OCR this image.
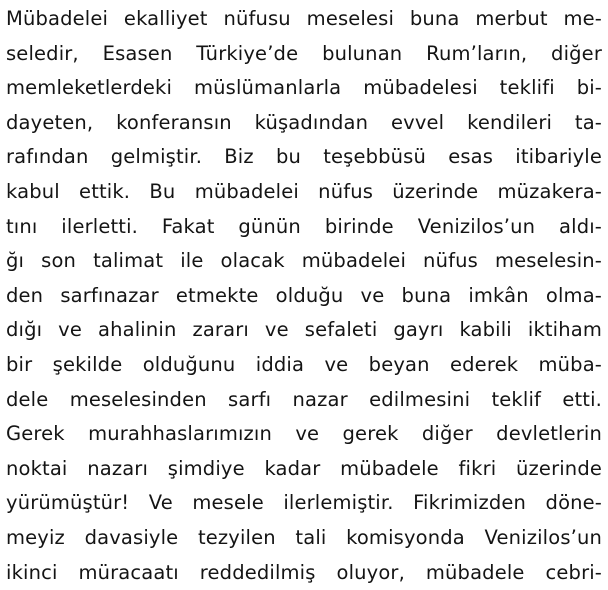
Mübadelei ekalliyet nüfusu meselesi buna merbut me-
seledir, Esasen Türkiye’de bulunan Rum’ların, diğer
memleketlerdeki müslümanlarla mübadelesi teklifi bi-
dayeten, konferansın küşadından evvel kendileri ta-
rafından gelmiştir. Biz bu teşebbüsü esas itibariyle
kabul ettik. Bu mübadelei nüfus üzerinde müzakera-
tını ilerletti. Fakat günün birinde Venizilos’un aldı-
ğı son talimat ile olacak mübadelei nüfus meselesin-
den sarfınazar etmekte olduğu ve buna imkân olma-
dığı ve ahalinin zararı ve sefaleti gayrı kabili iktiham
bir şekilde olduğunu iddia ve beyan ederek müba-
dele meselesinden sarfı nazar edilmesini teklif etti.
Gerek murahhaslarımızın ve gerek diğer devletlerin
noktai nazarı şimdiye kadar mübadele fikri üzerinde
yürümüştür! Ve mesele ilerlemiştir. Fikrimizden döne-
meyiz davasiyle tezyilen tali komisyonda Venizilos’un
ikinci müracaatı reddedilmiş oluyor, mübadele cebri-
